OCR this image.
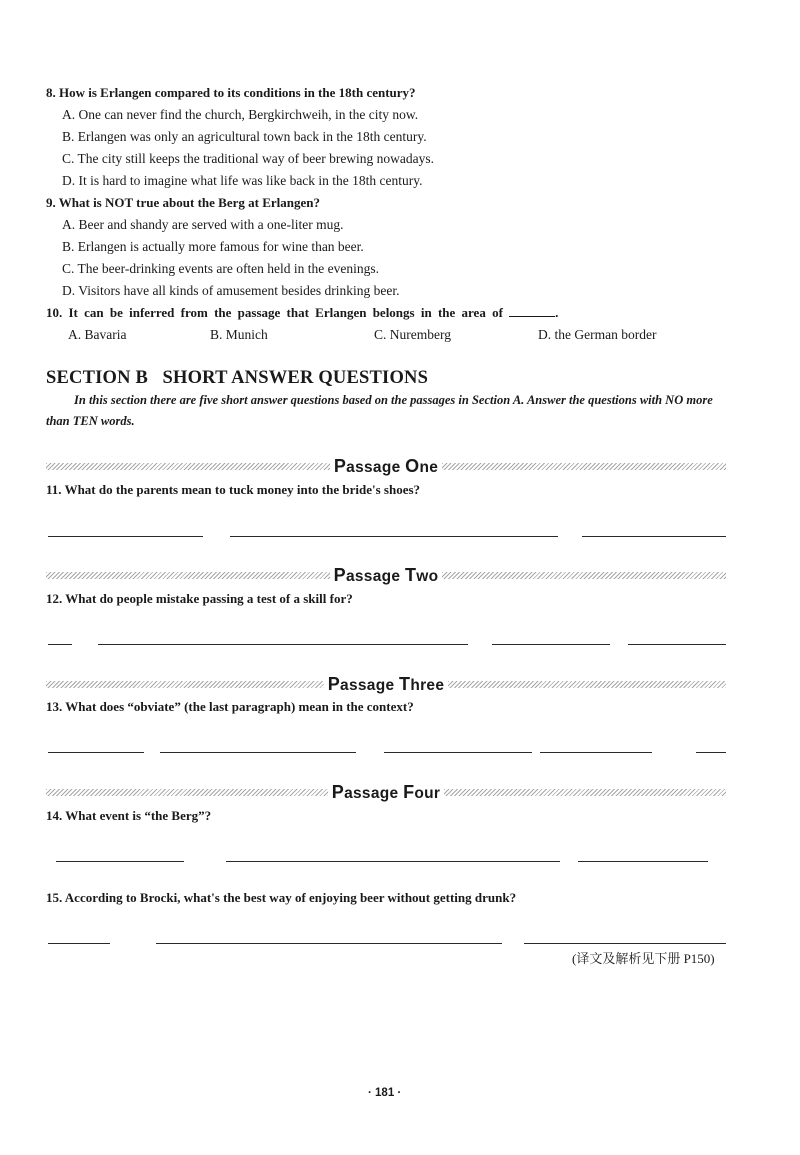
8. How is Erlangen compared to its conditions in the 18th century?
A. One can never find the church, Bergkirchweih, in the city now.
B. Erlangen was only an agricultural town back in the 18th century.
C. The city still keeps the traditional way of beer brewing nowadays.
D. It is hard to imagine what life was like back in the 18th century.
9. What is NOT true about the Berg at Erlangen?
A. Beer and shandy are served with a one-liter mug.
B. Erlangen is actually more famous for wine than beer.
C. The beer-drinking events are often held in the evenings.
D. Visitors have all kinds of amusement besides drinking beer.
10. It can be inferred from the passage that Erlangen belongs in the area of	.
A. Bavaria	B. Munich	C. Nuremberg	D. the German border
SECTION B   SHORT ANSWER QUESTIONS
In this section there are five short answer questions based on the passages in Section A. Answer the questions with NO more than TEN words.
Passage One
11. What do the parents mean to tuck money into the bride's shoes?
Passage Two
12. What do people mistake passing a test of a skill for?
Passage Three
13. What does “obviate” (the last paragraph) mean in the context?
Passage Four
14. What event is “the Berg”?
15. According to Brocki, what's the best way of enjoying beer without getting drunk?
(译文及解析见下册 P150)
· 181 ·
